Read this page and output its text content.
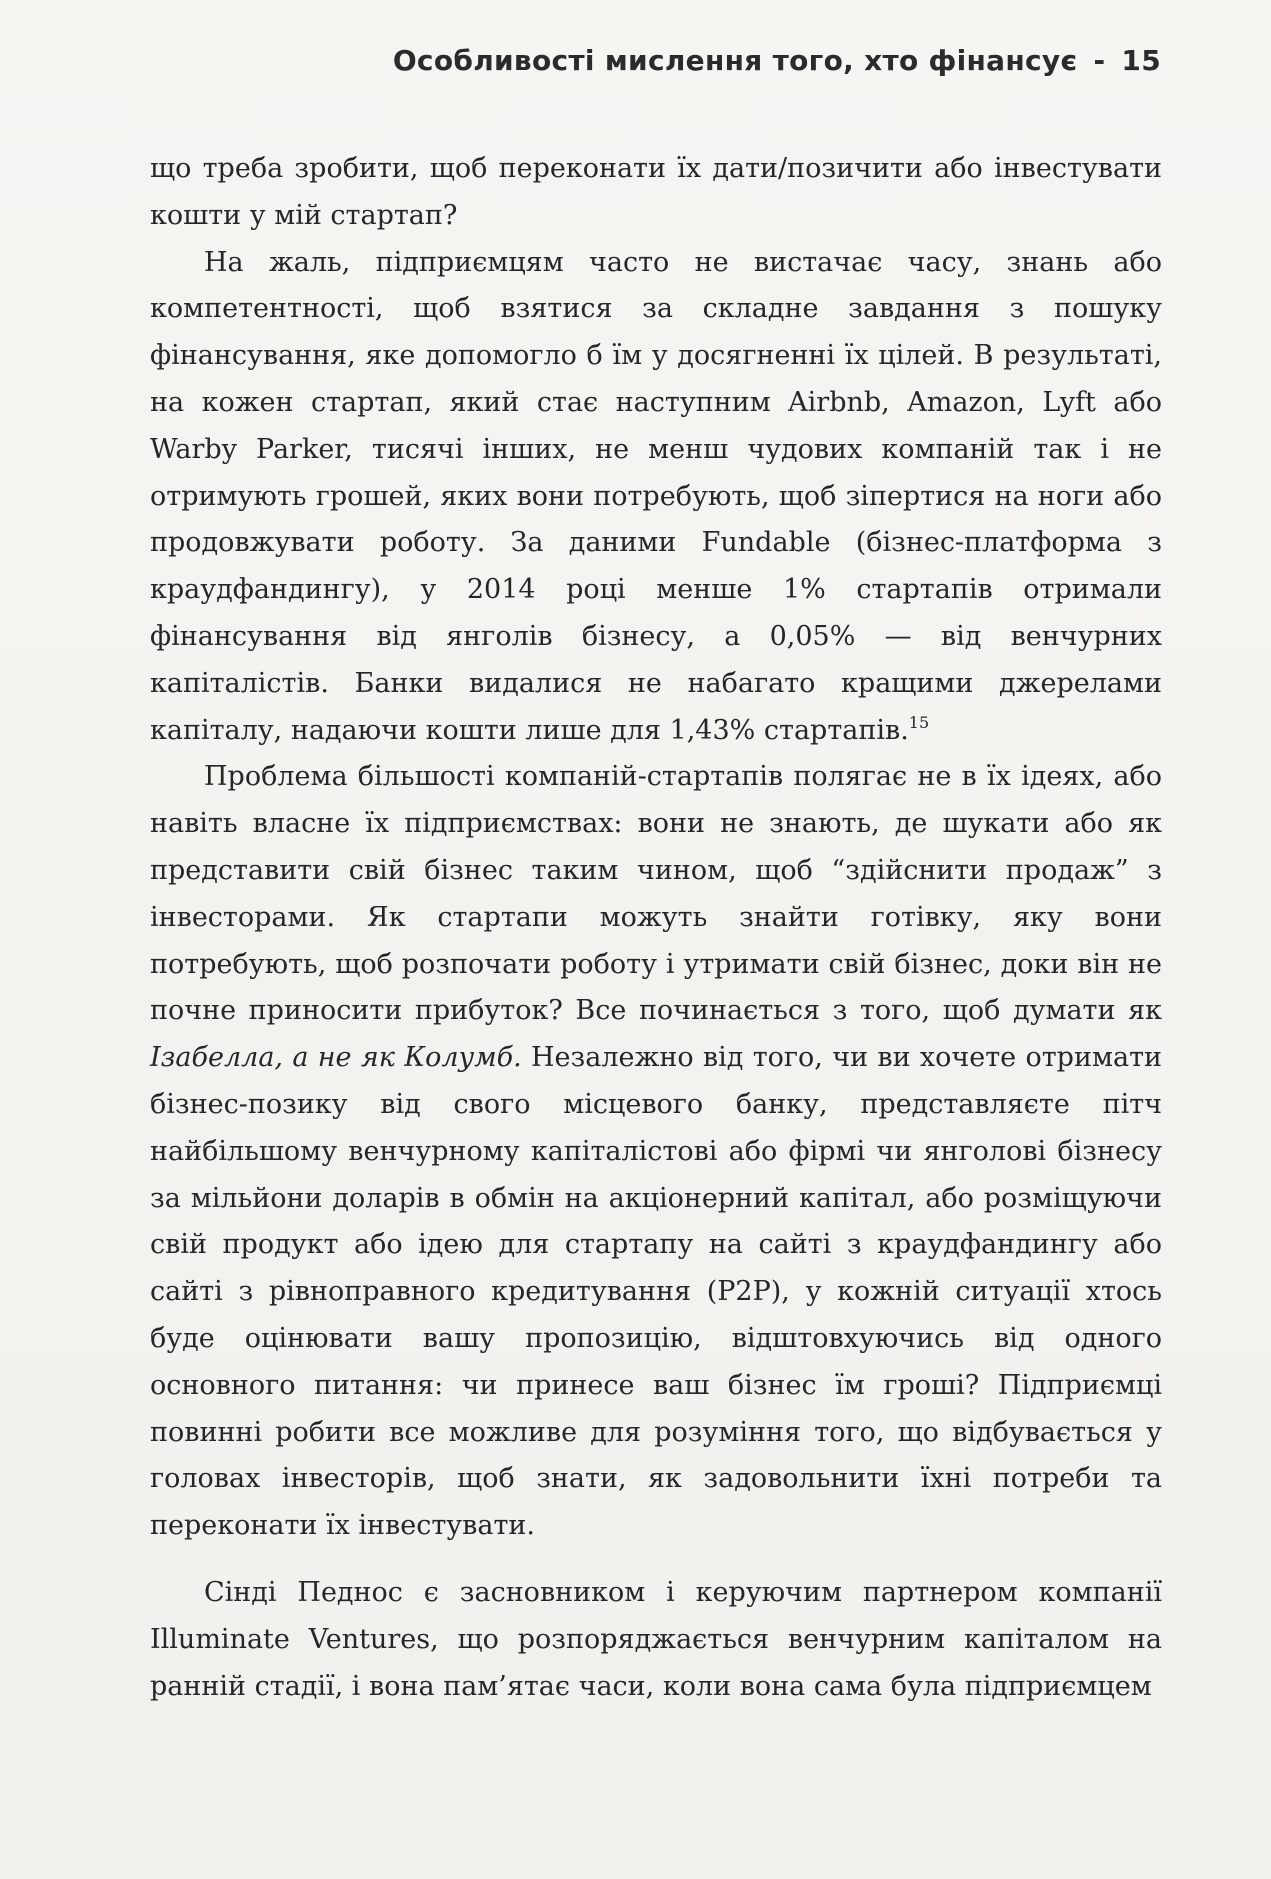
Особливості мислення того, хто фінансує - 15

що треба зробити, щоб переконати їх дати/позичити або інвестувати кошти у мій стартап?

На жаль, підприємцям часто не вистачає часу, знань або компетентності, щоб взятися за складне завдання з пошуку фінансування, яке допомогло б їм у досягненні їх цілей. В результаті, на кожен стартап, який стає наступним Airbnb, Amazon, Lyft або Warby Parker, тисячі інших, не менш чудових компаній так і не отримують грошей, яких вони потребують, щоб зіпертися на ноги або продовжувати роботу. За даними Fundable (бізнес-платформа з краудфандингу), у 2014 році менше 1% стартапів отримали фінансування від янголів бізнесу, а 0,05% — від венчурних капіталістів. Банки видалися не набагато кращими джерелами капіталу, надаючи кошти лише для 1,43% стартапів.$^{15}$

Проблема більшості компаній-стартапів полягає не в їх ідеях, або навіть власне їх підприємствах: вони не знають, де шукати або як представити свій бізнес таким чином, щоб “здійснити продаж” з інвесторами. Як стартапи можуть знайти готівку, яку вони потребують, щоб розпочати роботу і утримати свій бізнес, доки він не почне приносити прибуток? Все починається з того, щоб думати як Ізабелла, а не як Колумб. Незалежно від того, чи ви хочете отримати бізнес-позику від свого місцевого банку, представляєте пітч найбільшому венчурному капіталістові або фірмі чи янголові бізнесу за мільйони доларів в обмін на акціонерний капітал, або розміщуючи свій продукт або ідею для стартапу на сайті з краудфандингу або сайті з рівноправного кредитування (P2P), у кожній ситуації хтось буде оцінювати вашу пропозицію, відштовхуючись від одного основного питання: чи принесе ваш бізнес їм гроші? Підприємці повинні робити все можливе для розуміння того, що відбувається у головах інвесторів, щоб знати, як задовольнити їхні потреби та переконати їх інвестувати.

Сінді Педнос є засновником і керуючим партнером компанії Illuminate Ventures, що розпоряджається венчурним капіталом на ранній стадії, і вона пам’ятає часи, коли вона сама була підприємцем
